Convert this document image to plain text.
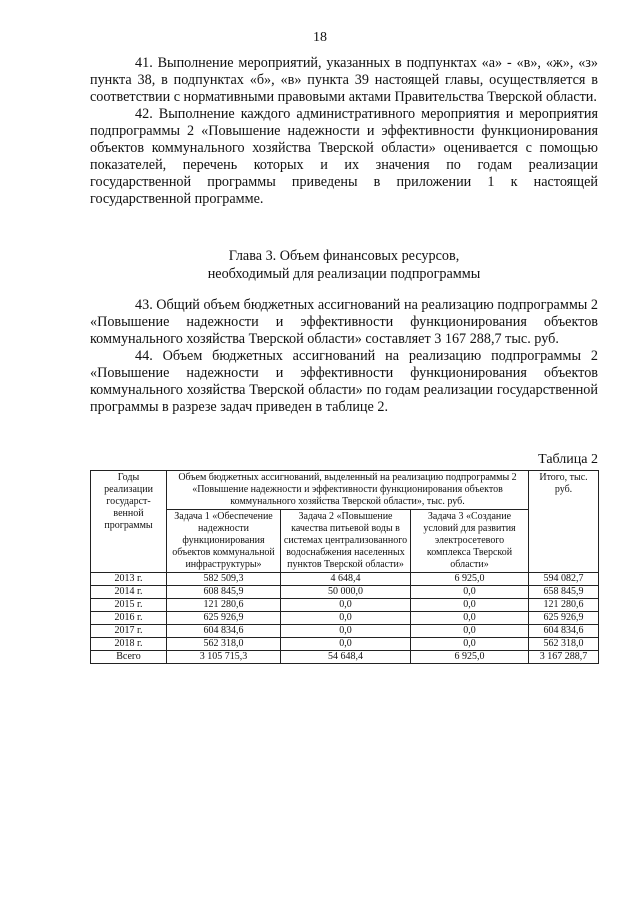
18

41. Выполнение мероприятий, указанных в подпунктах «а» - «в», «ж», «з» пункта 38, в подпунктах «б», «в» пункта 39 настоящей главы, осуществляется в соответствии с нормативными правовыми актами Правительства Тверской области.

42. Выполнение каждого административного мероприятия и мероприятия подпрограммы 2 «Повышение надежности и эффективности функционирования объектов коммунального хозяйства Тверской области» оценивается с помощью показателей, перечень которых и их значения по годам реализации государственной программы приведены в приложении 1 к настоящей государственной программе.

Глава 3. Объем финансовых ресурсов,
необходимый для реализации подпрограммы

43. Общий объем бюджетных ассигнований на реализацию подпрограммы 2 «Повышение надежности и эффективности функционирования объектов коммунального хозяйства Тверской области» составляет 3 167 288,7 тыс. руб.

44. Объем бюджетных ассигнований на реализацию подпрограммы 2 «Повышение надежности и эффективности функционирования объектов коммунального хозяйства Тверской области» по годам реализации государственной программы в разрезе задач приведен в таблице 2.

Таблица 2
Годы реализации государст-венной программы	Объем бюджетных ассигнований, выделенный на реализацию подпрограммы 2 «Повышение надежности и эффективности функционирования объектов коммунального хозяйства Тверской области», тыс. руб.			Итого, тыс. руб.
	Задача 1 «Обеспечение надежности функционирования объектов коммунальной инфраструктуры»	Задача 2 «Повышение качества питьевой воды в системах централизованного водоснабжения населенных пунктов Тверской области»	Задача 3 «Создание условий для развития электросетевого комплекса Тверской области»	
2013 г.	582 509,3	4 648,4	6 925,0	594 082,7
2014 г.	608 845,9	50 000,0	0,0	658 845,9
2015 г.	121 280,6	0,0	0,0	121 280,6
2016 г.	625 926,9	0,0	0,0	625 926,9
2017 г.	604 834,6	0,0	0,0	604 834,6
2018 г.	562 318,0	0,0	0,0	562 318,0
Всего	3 105 715,3	54 648,4	6 925,0	3 167 288,7
